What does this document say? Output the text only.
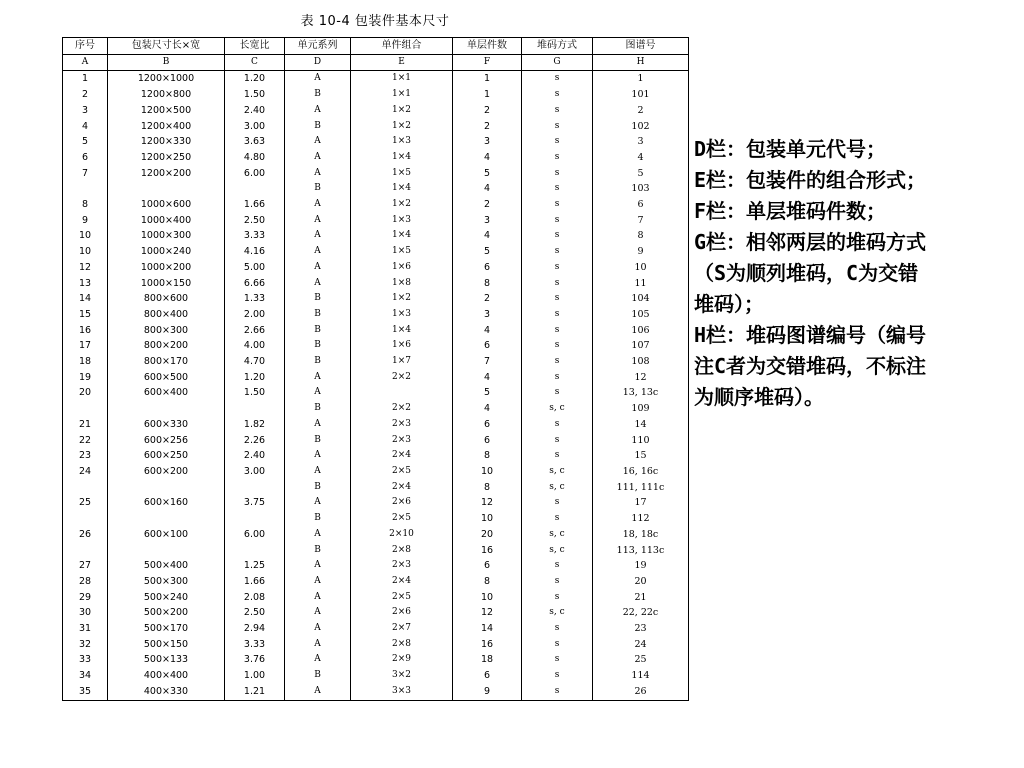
表 10-4 包装件基本尺寸
序号	包装尺寸长×宽	长宽比	单元系列	单件组合	单层件数	堆码方式	图谱号
A	B	C	D	E	F	G	H
1	1200×1000	1.20	A	1×1	1	s	1
2	1200×800	1.50	B	1×1	1	s	101
3	1200×500	2.40	A	1×2	2	s	2
4	1200×400	3.00	B	1×2	2	s	102
5	1200×330	3.63	A	1×3	3	s	3
6	1200×250	4.80	A	1×4	4	s	4
7	1200×200	6.00	A	1×5	5	s	5
			B	1×4	4	s	103
8	1000×600	1.66	A	1×2	2	s	6
9	1000×400	2.50	A	1×3	3	s	7
10	1000×300	3.33	A	1×4	4	s	8
10	1000×240	4.16	A	1×5	5	s	9
12	1000×200	5.00	A	1×6	6	s	10
13	1000×150	6.66	A	1×8	8	s	11
14	800×600	1.33	B	1×2	2	s	104
15	800×400	2.00	B	1×3	3	s	105
16	800×300	2.66	B	1×4	4	s	106
17	800×200	4.00	B	1×6	6	s	107
18	800×170	4.70	B	1×7	7	s	108
19	600×500	1.20	A	2×2	4	s	12
20	600×400	1.50	A		5	s	13, 13c
			B	2×2	4	s, c	109
21	600×330	1.82	A	2×3	6	s	14
22	600×256	2.26	B	2×3	6	s	110
23	600×250	2.40	A	2×4	8	s	15
24	600×200	3.00	A	2×5	10	s, c	16, 16c
			B	2×4	8	s, c	111, 111c
25	600×160	3.75	A	2×6	12	s	17
			B	2×5	10	s	112
26	600×100	6.00	A	2×10	20	s, c	18, 18c
			B	2×8	16	s, c	113, 113c
27	500×400	1.25	A	2×3	6	s	19
28	500×300	1.66	A	2×4	8	s	20
29	500×240	2.08	A	2×5	10	s	21
30	500×200	2.50	A	2×6	12	s, c	22, 22c
31	500×170	2.94	A	2×7	14	s	23
32	500×150	3.33	A	2×8	16	s	24
33	500×133	3.76	A	2×9	18	s	25
34	400×400	1.00	B	3×2	6	s	114
35	400×330	1.21	A	3×3	9	s	26
D栏：包装单元代号；
E栏：包装件的组合形式；
F栏：单层堆码件数；
G栏：相邻两层的堆码方式
（S为顺列堆码，C为交错
堆码）；
H栏：堆码图谱编号（编号
注C者为交错堆码，不标注
为顺序堆码）。
